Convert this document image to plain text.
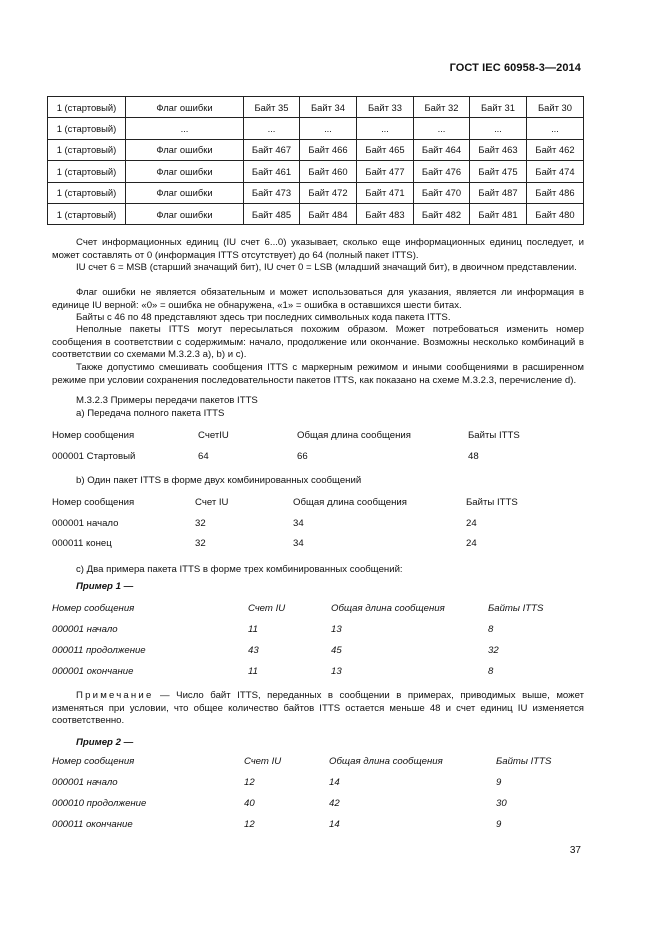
ГОСТ IEC 60958-3—2014
1 (стартовый)	Флаг ошибки	Байт 35	Байт 34	Байт 33	Байт 32	Байт 31	Байт 30
1 (стартовый)	...	...	...	...	...	...	...
1 (стартовый)	Флаг ошибки	Байт 467	Байт 466	Байт 465	Байт 464	Байт 463	Байт 462
1 (стартовый)	Флаг ошибки	Байт 461	Байт 460	Байт 477	Байт 476	Байт 475	Байт 474
1 (стартовый)	Флаг ошибки	Байт 473	Байт 472	Байт 471	Байт 470	Байт 487	Байт 486
1 (стартовый)	Флаг ошибки	Байт 485	Байт 484	Байт 483	Байт 482	Байт 481	Байт 480

Счет информационных единиц (IU счет 6...0) указывает, сколько еще информационных единиц последует, и может составлять от 0 (информация ITTS отсутствует) до 64 (полный пакет ITTS).

IU счет 6 = MSB (старший значащий бит), IU счет 0 = LSB (младший значащий бит), в двоичном представлении.

Флаг ошибки не является обязательным и может использоваться для указания, является ли информация в единице IU верной: «0» = ошибка не обнаружена, «1» = ошибка в оставшихся шести битах.

Байты с 46 по 48 представляют здесь три последних символьных кода пакета ITTS.

Неполные пакеты ITTS могут пересылаться похожим образом. Может потребоваться изменить номер сообщения в соответствии с содержимым: начало, продолжение или окончание. Возможны несколько комбинаций в соответствии со схемами М.3.2.3 а), b) и с).

Также допустимо смешивать сообщения ITTS с маркерным режимом и иными сообщениями в расширенном режиме при условии сохранения последовательности пакетов ITTS, как показано на схеме М.3.2.3, перечисление d).

М.3.2.3 Примеры передачи пакетов ITTS

а) Передача полного пакета ITTS

Номер сообщения	СчетIU	Общая длина сообщения	Байты ITTS
000001 Стартовый	64	66	48

b) Один пакет ITTS в форме двух комбинированных сообщений

Номер сообщения	Счет IU	Общая длина сообщения	Байты ITTS
000001 начало	32	34	24
000011 конец	32	34	24

с) Два примера пакета ITTS в форме трех комбинированных сообщений:

Пример 1 —

Номер сообщения	Счет IU	Общая длина сообщения	Байты ITTS
000001 начало	11	13	8
000011 продолжение	43	45	32
000001 окончание	11	13	8

Примечание — Число байт ITTS, переданных в сообщении в примерах, приводимых выше, может изменяться при условии, что общее количество байтов ITTS остается меньше 48 и счет единиц IU изменяется соответственно.

Пример 2 —

Номер сообщения	Счет IU	Общая длина сообщения	Байты ITTS
000001 начало	12	14	9
000010 продолжение	40	42	30
000011 окончание	12	14	9
37
